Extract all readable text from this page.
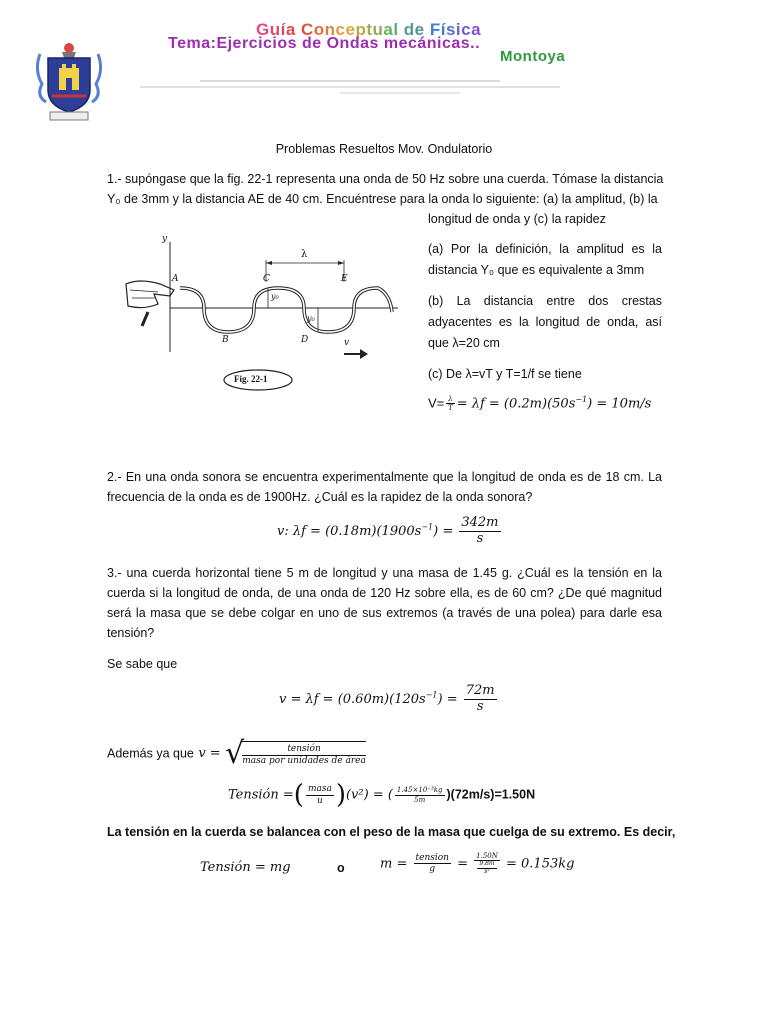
Guía Conceptual de Física
Tema:Ejercicios de Ondas mecánicas..
Montoya
Problemas Resueltos Mov. Ondulatorio

1.- supóngase que la fig. 22-1 representa una onda de 50 Hz sobre una cuerda. Tómase la distancia

Y₀ de 3mm y la distancia AE de 40 cm. Encuéntrese para la onda lo siguiente: (a) la amplitud, (b) la

longitud de onda y (c) la rapidez

y
A
B
C
D
E
λ
y₀
y₀
v
Fig. 22-1

(a) Por la definición, la amplitud es la distancia Y₀ que es equivalente a 3mm

(b) La distancia entre dos crestas adyacentes es la longitud de onda, así que λ=20 cm

(c) De λ=vT y T=1/f se tiene

$V= \frac{\lambda}{T} = \lambda f = (0.2m)(50s^{-1}) = 10m/s$

2.- En una onda sonora se encuentra experimentalmente que la longitud de onda es de 18 cm. La frecuencia de la onda es de 1900Hz. ¿Cuál es la rapidez de la onda sonora?

v: $\lambda f = (0.18m)(1900s^{-1}) = \frac{342m}{s}$

3.- una cuerda horizontal tiene 5 m de longitud y una masa de 1.45 g. ¿Cuál es la tensión en la cuerda si la longitud de onda, de una onda de 120 Hz sobre ella, es de 60 cm? ¿De qué magnitud será la masa que se debe colgar en uno de sus extremos (a través de una polea) para darle esa tensión?

Se sabe que

$v = \lambda f = (0.60m)(120s^{-1}) = \frac{72m}{s}$
Además ya que v = √
$\frac{\text{tensión}}{\text{masa por unidades de área}}$
Tensión =( $\frac{\text{masa}}{u} )(v^2)$ = ( $\frac{\text{1.45×10⁻³kg}}{5m} )(72m/s)=1.50N$

La tensión en la cuerda se balancea con el peso de la masa que cuelga de su extremo. Es decir,

Tensión = mg	o	$m = \frac{\text{tension}}{g} = \frac{1.50N}{\frac{9.8m}{\text{s²}}} = 0.153kg$
